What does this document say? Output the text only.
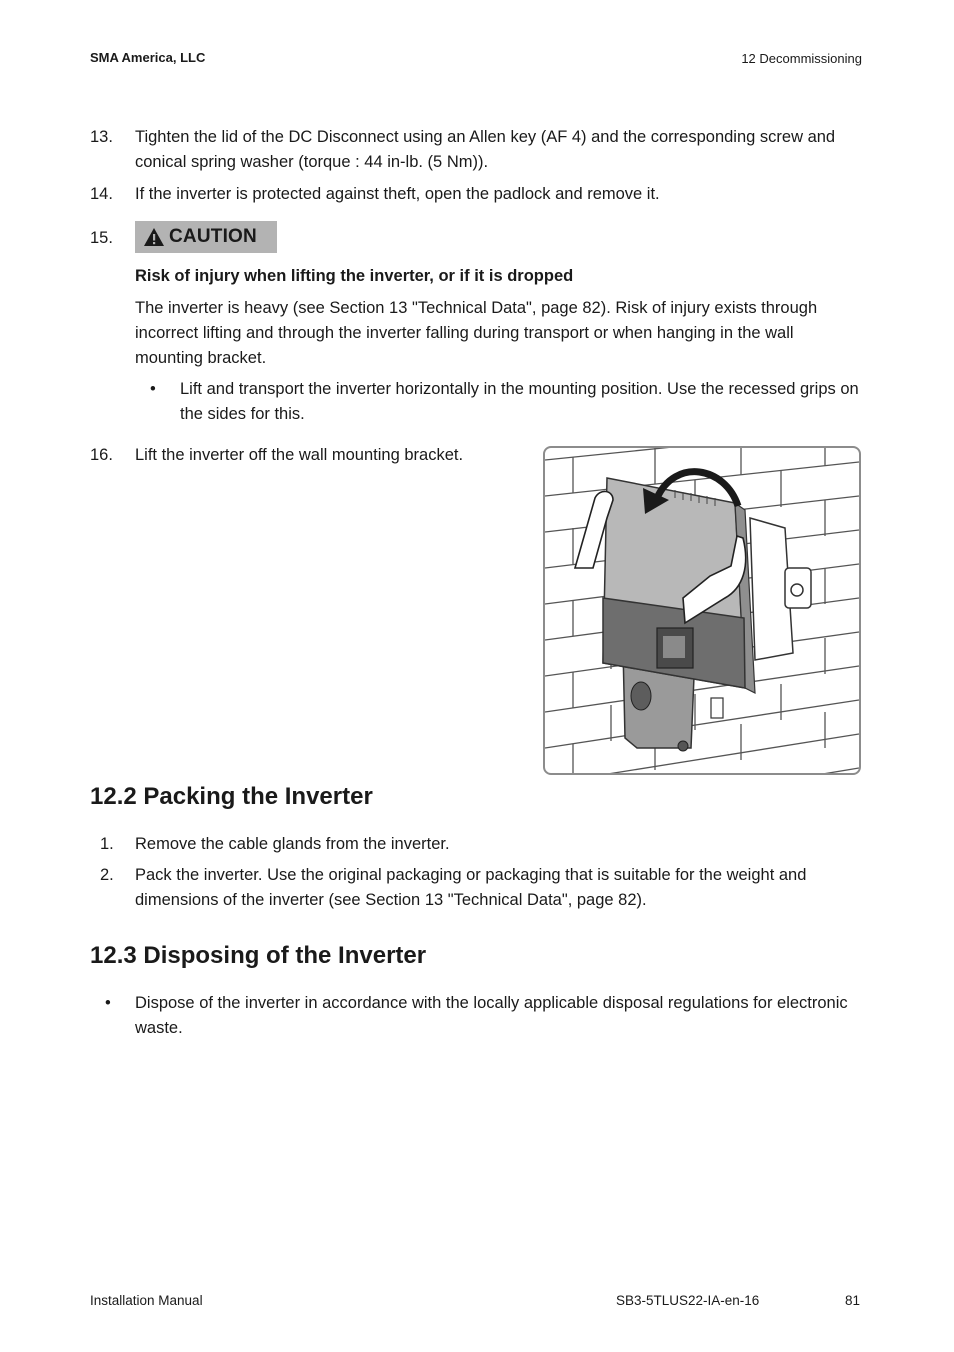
SMA America, LLC	12 Decommissioning
13.	Tighten the lid of the DC Disconnect using an Allen key (AF 4) and the corresponding screw and conical spring washer (torque : 44 in-lb. (5 Nm)).
14.	If the inverter is protected against theft, open the padlock and remove it.
15.	CAUTION
Risk of injury when lifting the inverter, or if it is dropped
The inverter is heavy (see Section 13 "Technical Data", page 82). Risk of injury exists through incorrect lifting and through the inverter falling during transport or when hanging in the wall mounting bracket.
• Lift and transport the inverter horizontally in the mounting position. Use the recessed grips on the sides for this.
16.	Lift the inverter off the wall mounting bracket.
12.2 Packing the Inverter
1.	Remove the cable glands from the inverter.
2.	Pack the inverter. Use the original packaging or packaging that is suitable for the weight and dimensions of the inverter (see Section 13 "Technical Data", page 82).
12.3 Disposing of the Inverter
• Dispose of the inverter in accordance with the locally applicable disposal regulations for electronic waste.
Installation Manual	SB3-5TLUS22-IA-en-16	81
